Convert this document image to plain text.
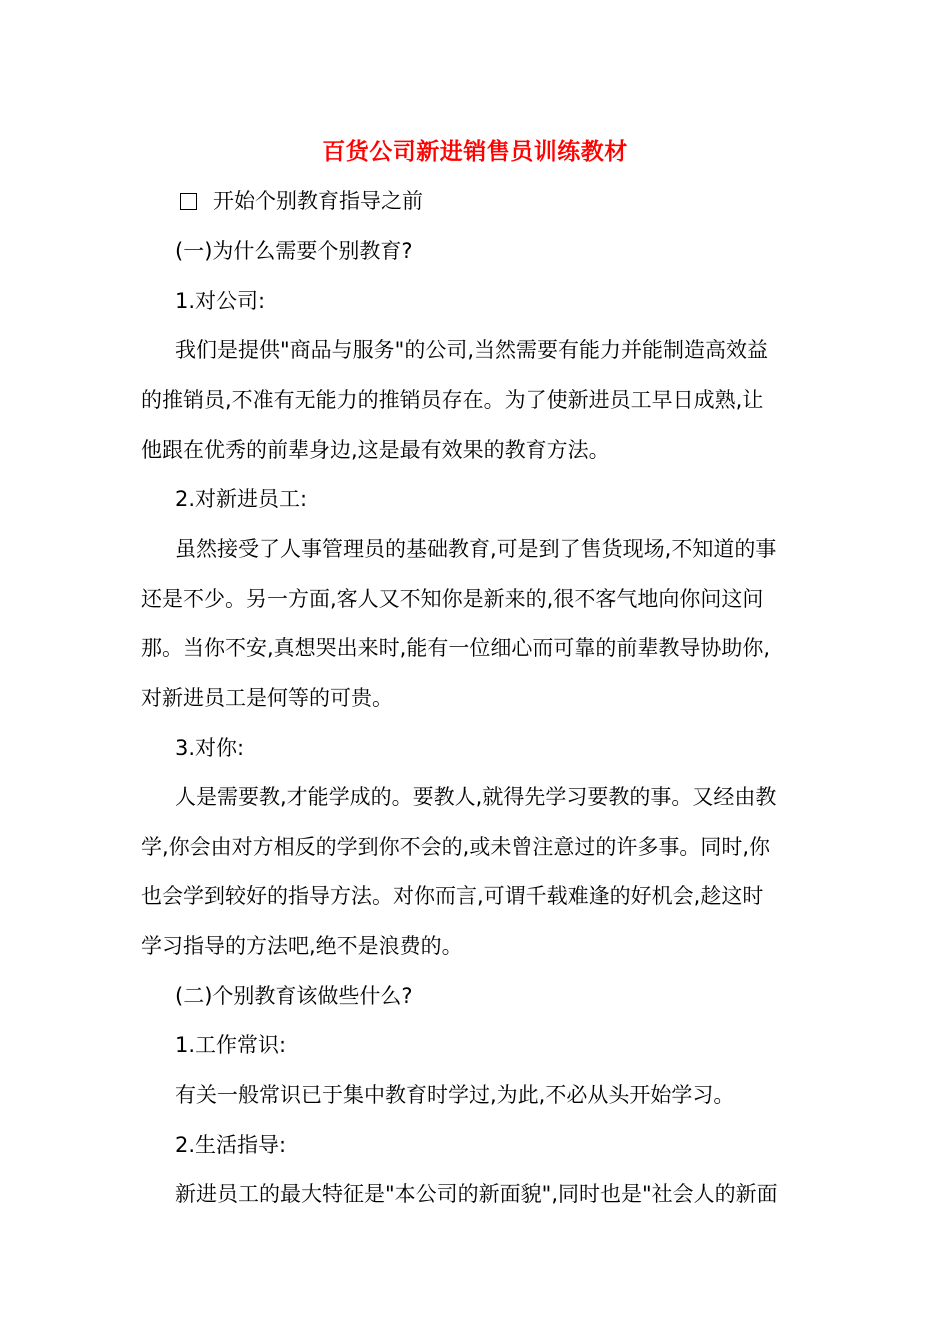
百货公司新进销售员训练教材
开始个别教育指导之前
(一)为什么需要个别教育?
1.对公司:
我们是提供"商品与服务"的公司,当然需要有能力并能制造高效益
的推销员,不准有无能力的推销员存在。为了使新进员工早日成熟,让
他跟在优秀的前辈身边,这是最有效果的教育方法。
2.对新进员工:
虽然接受了人事管理员的基础教育,可是到了售货现场,不知道的事
还是不少。另一方面,客人又不知你是新来的,很不客气地向你问这问
那。当你不安,真想哭出来时,能有一位细心而可靠的前辈教导协助你,
对新进员工是何等的可贵。
3.对你:
人是需要教,才能学成的。要教人,就得先学习要教的事。又经由教
学,你会由对方相反的学到你不会的,或未曾注意过的许多事。同时,你
也会学到较好的指导方法。对你而言,可谓千载难逢的好机会,趁这时
学习指导的方法吧,绝不是浪费的。
(二)个别教育该做些什么?
1.工作常识:
有关一般常识已于集中教育时学过,为此,不必从头开始学习。
2.生活指导:
新进员工的最大特征是"本公司的新面貌",同时也是"社会人的新面
